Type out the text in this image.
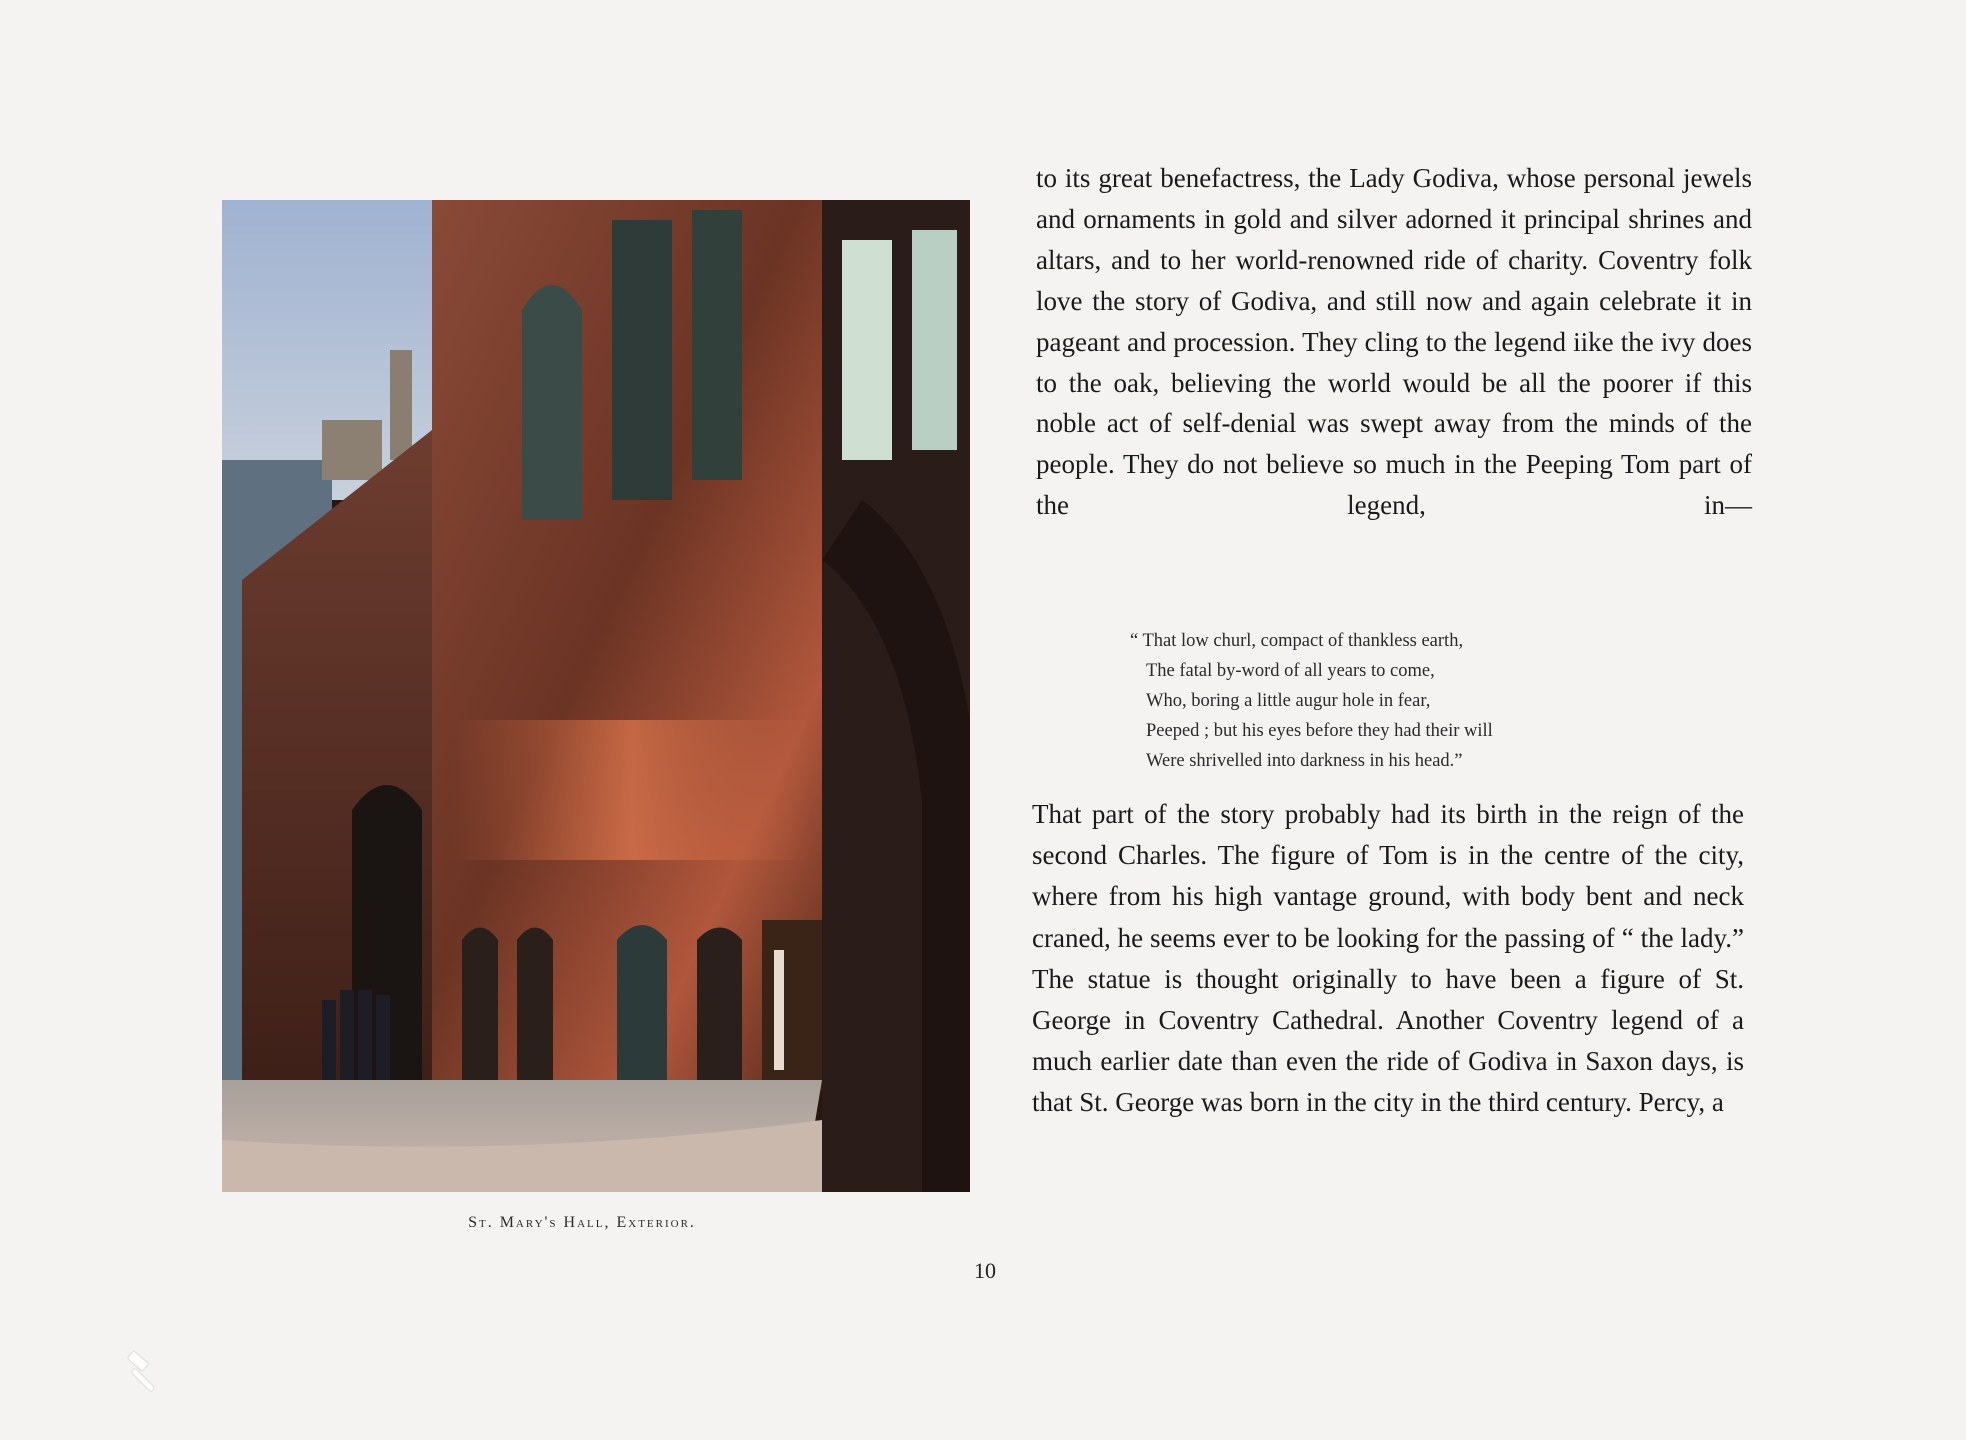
St. Mary's Hall, Exterior.

to its great benefactress, the Lady Godiva, whose personal jewels and ornaments in gold and silver adorned it principal shrines and altars, and to her world-renowned ride of charity. Coventry folk love the story of Godiva, and still now and again celebrate it in pageant and procession. They cling to the legend iike the ivy does to the oak, believing the world would be all the poorer if this noble act of self-denial was swept away from the minds of the people. They do not believe so much in the Peeping Tom part of the legend, in—

“ That low churl, compact of thankless earth,
The fatal by-word of all years to come,
Who, boring a little augur hole in fear,
Peeped ; but his eyes before they had their will
Were shrivelled into darkness in his head.”

That part of the story probably had its birth in the reign of the second Charles. The figure of Tom is in the centre of the city, where from his high vantage ground, with body bent and neck craned, he seems ever to be looking for the passing of “ the lady.” The statue is thought originally to have been a figure of St. George in Coventry Cathedral. Another Coventry legend of a much earlier date than even the ride of Godiva in Saxon days, is that St. George was born in the city in the third century. Percy, a

10
